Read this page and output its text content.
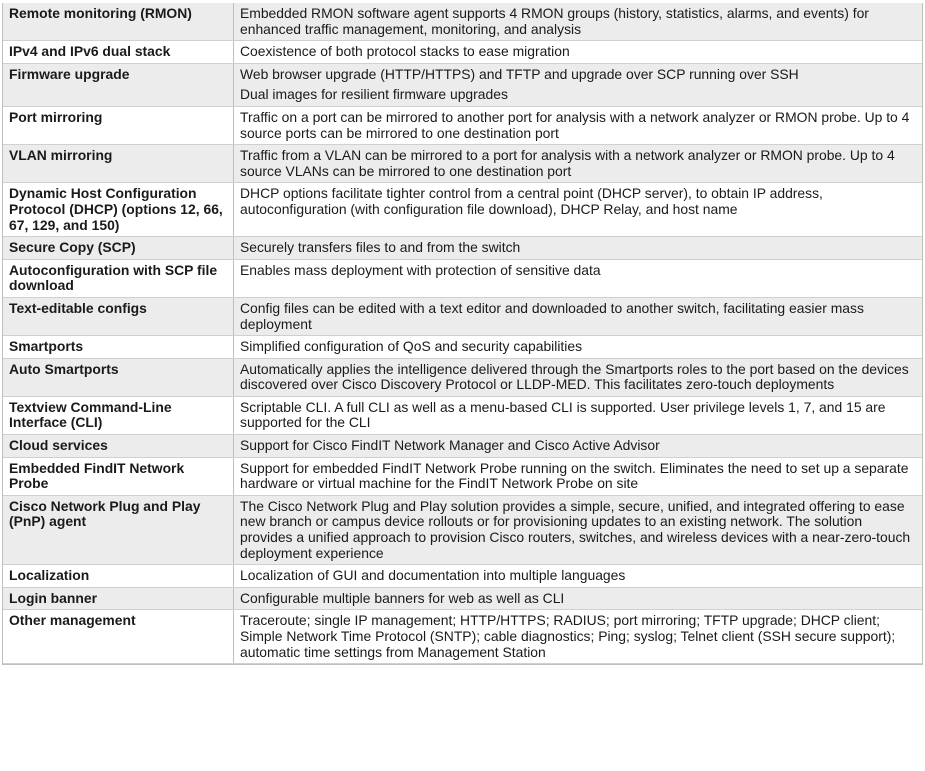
Remote monitoring (RMON)	Embedded RMON software agent supports 4 RMON groups (history, statistics, alarms, and events) for enhanced traffic management, monitoring, and analysis

IPv4 and IPv6 dual stack	Coexistence of both protocol stacks to ease migration

Firmware upgrade	Web browser upgrade (HTTP/HTTPS) and TFTP and upgrade over SCP running over SSH
Dual images for resilient firmware upgrades

Port mirroring	Traffic on a port can be mirrored to another port for analysis with a network analyzer or RMON probe. Up to 4 source ports can be mirrored to one destination port

VLAN mirroring	Traffic from a VLAN can be mirrored to a port for analysis with a network analyzer or RMON probe. Up to 4 source VLANs can be mirrored to one destination port

Dynamic Host Configuration Protocol (DHCP) (options 12, 66, 67, 129, and 150)	DHCP options facilitate tighter control from a central point (DHCP server), to obtain IP address, autoconfiguration (with configuration file download), DHCP Relay, and host name

Secure Copy (SCP)	Securely transfers files to and from the switch

Autoconfiguration with SCP file download	Enables mass deployment with protection of sensitive data

Text-editable configs	Config files can be edited with a text editor and downloaded to another switch, facilitating easier mass deployment

Smartports	Simplified configuration of QoS and security capabilities

Auto Smartports	Automatically applies the intelligence delivered through the Smartports roles to the port based on the devices discovered over Cisco Discovery Protocol or LLDP-MED. This facilitates zero-touch deployments

Textview Command-Line Interface (CLI)	Scriptable CLI. A full CLI as well as a menu-based CLI is supported. User privilege levels 1, 7, and 15 are supported for the CLI

Cloud services	Support for Cisco FindIT Network Manager and Cisco Active Advisor

Embedded FindIT Network Probe	Support for embedded FindIT Network Probe running on the switch. Eliminates the need to set up a separate hardware or virtual machine for the FindIT Network Probe on site

Cisco Network Plug and Play (PnP) agent	The Cisco Network Plug and Play solution provides a simple, secure, unified, and integrated offering to ease new branch or campus device rollouts or for provisioning updates to an existing network. The solution provides a unified approach to provision Cisco routers, switches, and wireless devices with a near-zero-touch deployment experience

Localization	Localization of GUI and documentation into multiple languages

Login banner	Configurable multiple banners for web as well as CLI

Other management	Traceroute; single IP management; HTTP/HTTPS; RADIUS; port mirroring; TFTP upgrade; DHCP client; Simple Network Time Protocol (SNTP); cable diagnostics; Ping; syslog; Telnet client (SSH secure support); automatic time settings from Management Station
